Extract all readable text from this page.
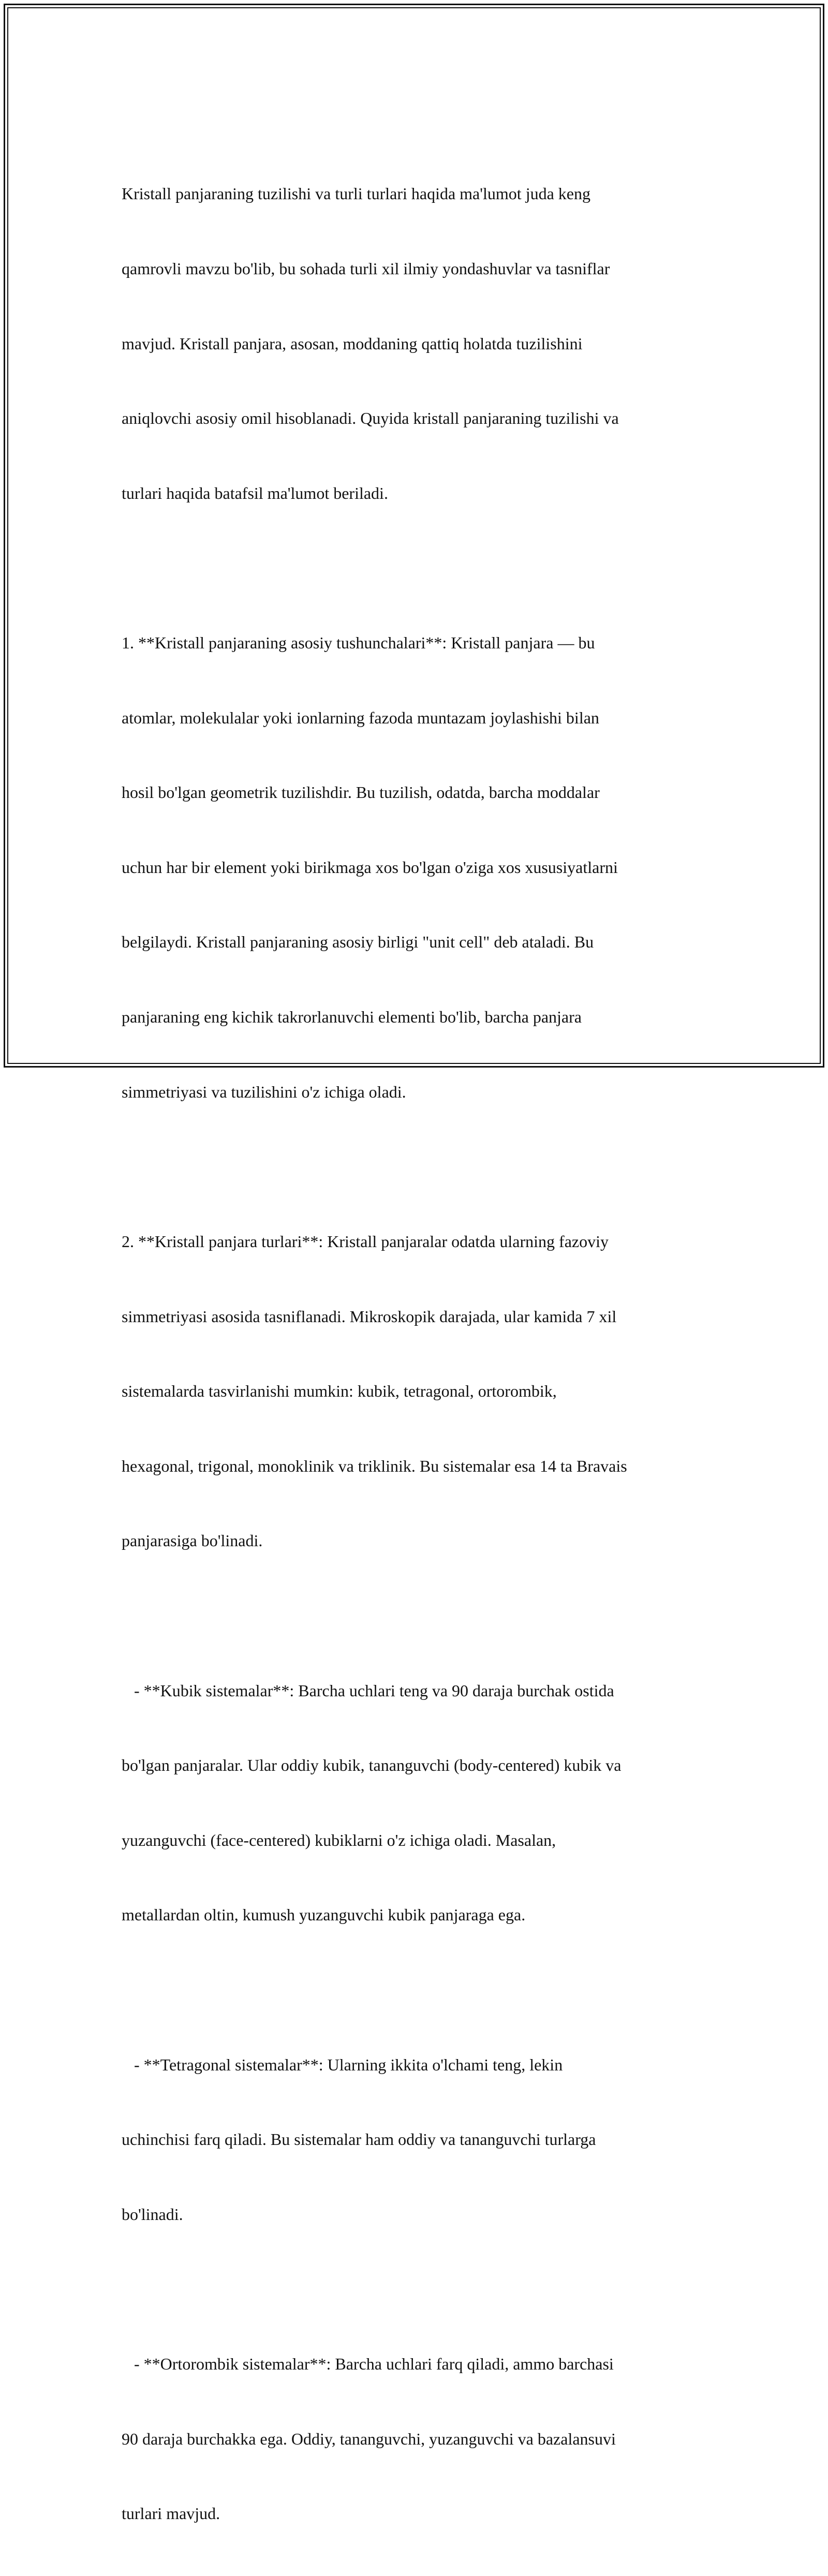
Kristall panjaraning tuzilishi va turli turlari haqida ma'lumot juda keng

qamrovli mavzu bo'lib, bu sohada turli xil ilmiy yondashuvlar va tasniflar

mavjud. Kristall panjara, asosan, moddaning qattiq holatda tuzilishini

aniqlovchi asosiy omil hisoblanadi. Quyida kristall panjaraning tuzilishi va

turlari haqida batafsil ma'lumot beriladi.

1. **Kristall panjaraning asosiy tushunchalari**: Kristall panjara — bu

atomlar, molekulalar yoki ionlarning fazoda muntazam joylashishi bilan

hosil bo'lgan geometrik tuzilishdir. Bu tuzilish, odatda, barcha moddalar

uchun har bir element yoki birikmaga xos bo'lgan o'ziga xos xususiyatlarni

belgilaydi. Kristall panjaraning asosiy birligi "unit cell" deb ataladi. Bu

panjaraning eng kichik takrorlanuvchi elementi bo'lib, barcha panjara

simmetriyasi va tuzilishini o'z ichiga oladi.

2. **Kristall panjara turlari**: Kristall panjaralar odatda ularning fazoviy

simmetriyasi asosida tasniflanadi. Mikroskopik darajada, ular kamida 7 xil

sistemalarda tasvirlanishi mumkin: kubik, tetragonal, ortorombik,

hexagonal, trigonal, monoklinik va triklinik. Bu sistemalar esa 14 ta Bravais

panjarasiga bo'linadi.

- **Kubik sistemalar**: Barcha uchlari teng va 90 daraja burchak ostida

bo'lgan panjaralar. Ular oddiy kubik, tananguvchi (body-centered) kubik va

yuzanguvchi (face-centered) kubiklarni o'z ichiga oladi. Masalan,

metallardan oltin, kumush yuzanguvchi kubik panjaraga ega.

- **Tetragonal sistemalar**: Ularning ikkita o'lchami teng, lekin

uchinchisi farq qiladi. Bu sistemalar ham oddiy va tananguvchi turlarga

bo'linadi.

- **Ortorombik sistemalar**: Barcha uchlari farq qiladi, ammo barchasi

90 daraja burchakka ega. Oddiy, tananguvchi, yuzanguvchi va bazalansuvi

turlari mavjud.
